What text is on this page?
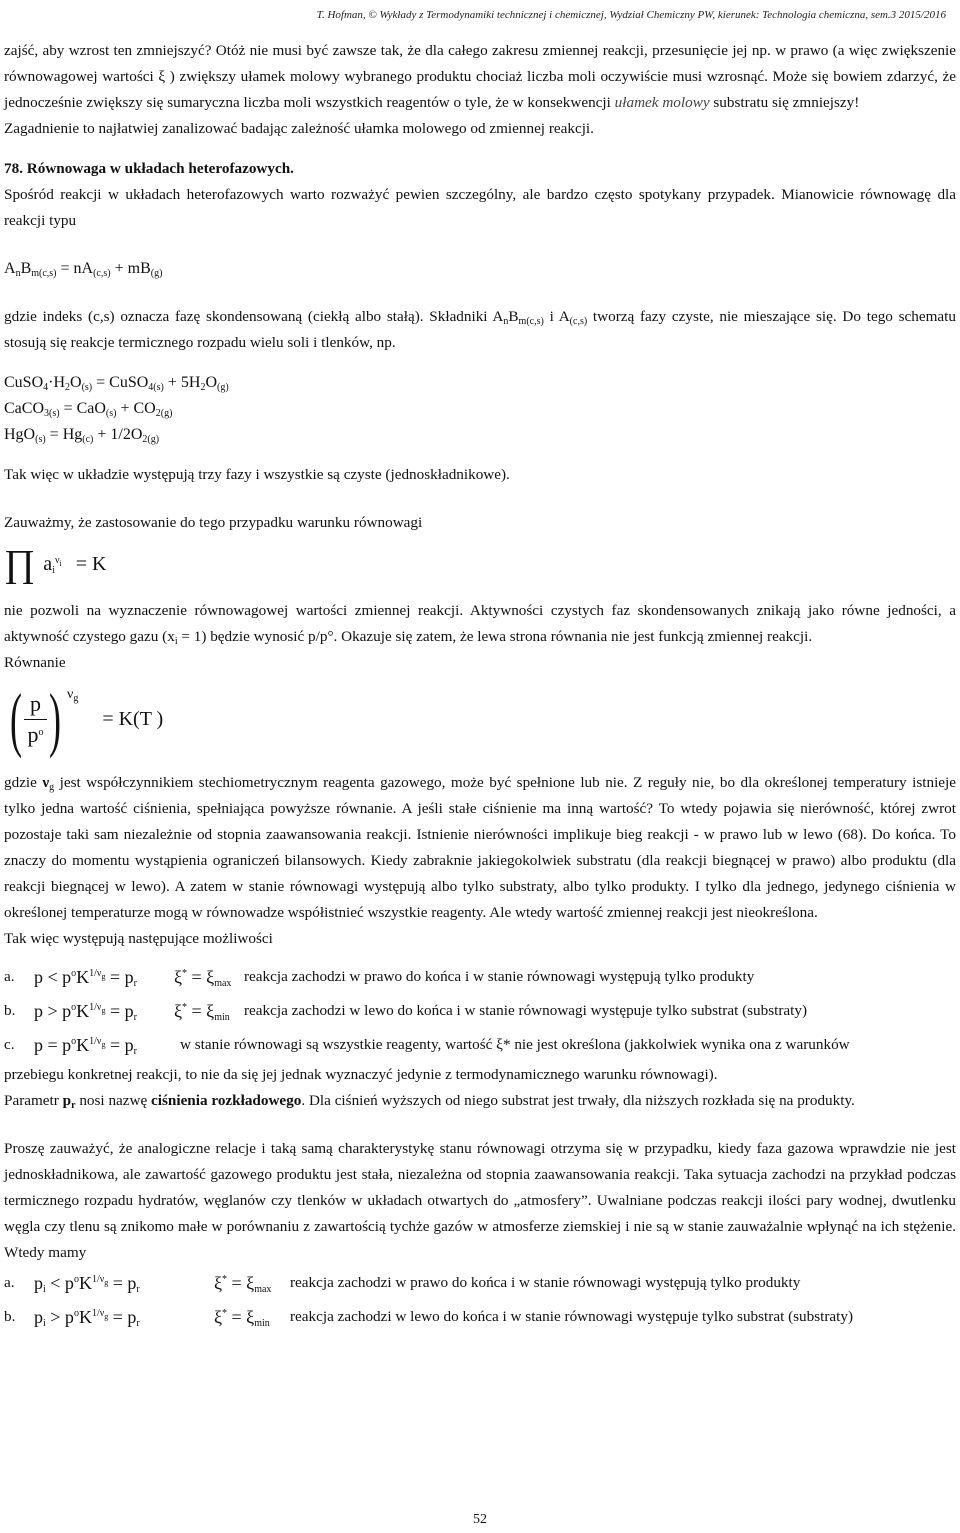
T. Hofman, © Wykłady z Termodynamiki technicznej i chemicznej, Wydział Chemiczny PW, kierunek: Technologia chemiczna, sem.3 2015/2016

zajść, aby wzrost ten zmniejszyć? Otóż nie musi być zawsze tak, że dla całego zakresu zmiennej reakcji, przesunięcie jej np. w prawo (a więc zwiększenie równowagowej wartości ξ ) zwiększy ułamek molowy wybranego produktu chociaż liczba moli oczywiście musi wzrosnąć. Może się bowiem zdarzyć, że jednocześnie zwiększy się sumaryczna liczba moli wszystkich reagentów o tyle, że w konsekwencji ułamek molowy substratu się zmniejszy!

Zagadnienie to najłatwiej zanalizować badając zależność ułamka molowego od zmiennej reakcji.

78. Równowaga w układach heterofazowych.

Spośród reakcji w układach heterofazowych warto rozważyć pewien szczególny, ale bardzo często spotykany przypadek. Mianowicie równowagę dla reakcji typu

$A_nB_{m(c,s)} = nA_{(c,s)} + mB_{(g)}$

gdzie indeks (c,s) oznacza fazę skondensowaną (ciekłą albo stałą). Składniki $A_nB_{m(c,s)}$ i $A_{(c,s)}$ tworzą fazy czyste, nie mieszające się. Do tego schematu stosują się reakcje termicznego rozpadu wielu soli i tlenków, np.

$CuSO_4\cdot H_2O_{(s)}$ = CuSO$_{4(s)}$ + $5H_2O_{(g)}$
CaCO$_{3(s)}$ = $CaO_{(s)} + CO_{2(g)}$
$HgO_{(s)} = Hg_{(c)} + 1/2O_{2(g)}$

Tak więc w układzie występują trzy fazy i wszystkie są czyste (jednoskładnikowe).

Zauważmy, że zastosowanie do tego przypadku warunku równowagi

∏ $a_i^{\nu_i} = K$

nie pozwoli na wyznaczenie równowagowej wartości zmiennej reakcji. Aktywności czystych faz skondensowanych znikają jako równe jedności, a aktywność czystego gazu $(x_i = 1)$ będzie wynosić p/p°. Okazuje się zatem, że lewa strona równania nie jest funkcją zmiennej reakcji.

Równanie

( $\frac{p}{p^o}$ ) $\nu_g$
= K(T )

gdzie $\nu_g$ jest współczynnikiem stechiometrycznym reagenta gazowego, może być spełnione lub nie. Z reguły nie, bo dla określonej temperatury istnieje tylko jedna wartość ciśnienia, spełniająca powyższe równanie. A jeśli stałe ciśnienie ma inną wartość? To wtedy pojawia się nierówność, której zwrot pozostaje taki sam niezależnie od stopnia zaawansowania reakcji. Istnienie nierówności implikuje bieg reakcji - w prawo lub w lewo (68). Do końca. To znaczy do momentu wystąpienia ograniczeń bilansowych. Kiedy zabraknie jakiegokolwiek substratu (dla reakcji biegnącej w prawo) albo produktu (dla reakcji biegnącej w lewo). A zatem w stanie równowagi występują albo tylko substraty, albo tylko produkty. I tylko dla jednego, jedynego ciśnienia w określonej temperaturze mogą w równowadze współistnieć wszystkie reagenty. Ale wtedy wartość zmiennej reakcji jest nieokreślona.

Tak więc występują następujące możliwości

a.	$p < p^oK^{1/\nu_g} = p_r$	$\xi^* = \xi_{max}$ reakcja zachodzi w prawo do końca i w stanie równowagi występują tylko produkty
b.	$p > p^oK^{1/\nu_g} = p_r$	$\xi^* = \xi_{min}$ reakcja zachodzi w lewo do końca i w stanie równowagi występuje tylko substrat (substraty)
c.	$p = p^oK^{1/\nu_g} = p_r$	w stanie równowagi są wszystkie reagenty, wartość ξ* nie jest określona (jakkolwiek wynika ona z warunków

przebiegu konkretnej reakcji, to nie da się jej jednak wyznaczyć jedynie z termodynamicznego warunku równowagi).

Parametr $p_r$ nosi nazwę ciśnienia rozkładowego. Dla ciśnień wyższych od niego substrat jest trwały, dla niższych rozkłada się na produkty.

Proszę zauważyć, że analogiczne relacje i taką samą charakterystykę stanu równowagi otrzyma się w przypadku, kiedy faza gazowa wprawdzie nie jest jednoskładnikowa, ale zawartość gazowego produktu jest stała, niezależna od stopnia zaawansowania reakcji. Taka sytuacja zachodzi na przykład podczas termicznego rozpadu hydratów, węglanów czy tlenków w układach otwartych do „atmosfery”. Uwalniane podczas reakcji ilości pary wodnej, dwutlenku węgla czy tlenu są znikomo małe w porównaniu z zawartością tychże gazów w atmosferze ziemskiej i nie są w stanie zauważalnie wpłynąć na ich stężenie. Wtedy mamy

a.	$p_i < p^oK^{1/\nu_g} = p_r$	$\xi^* = \xi_{max}$	reakcja zachodzi w prawo do końca i w stanie równowagi występują tylko produkty
b.	$p_i > p^oK^{1/\nu_g} = p_r$	$\xi^* = \xi_{min}$	reakcja zachodzi w lewo do końca i w stanie równowagi występuje tylko substrat (substraty)
52
